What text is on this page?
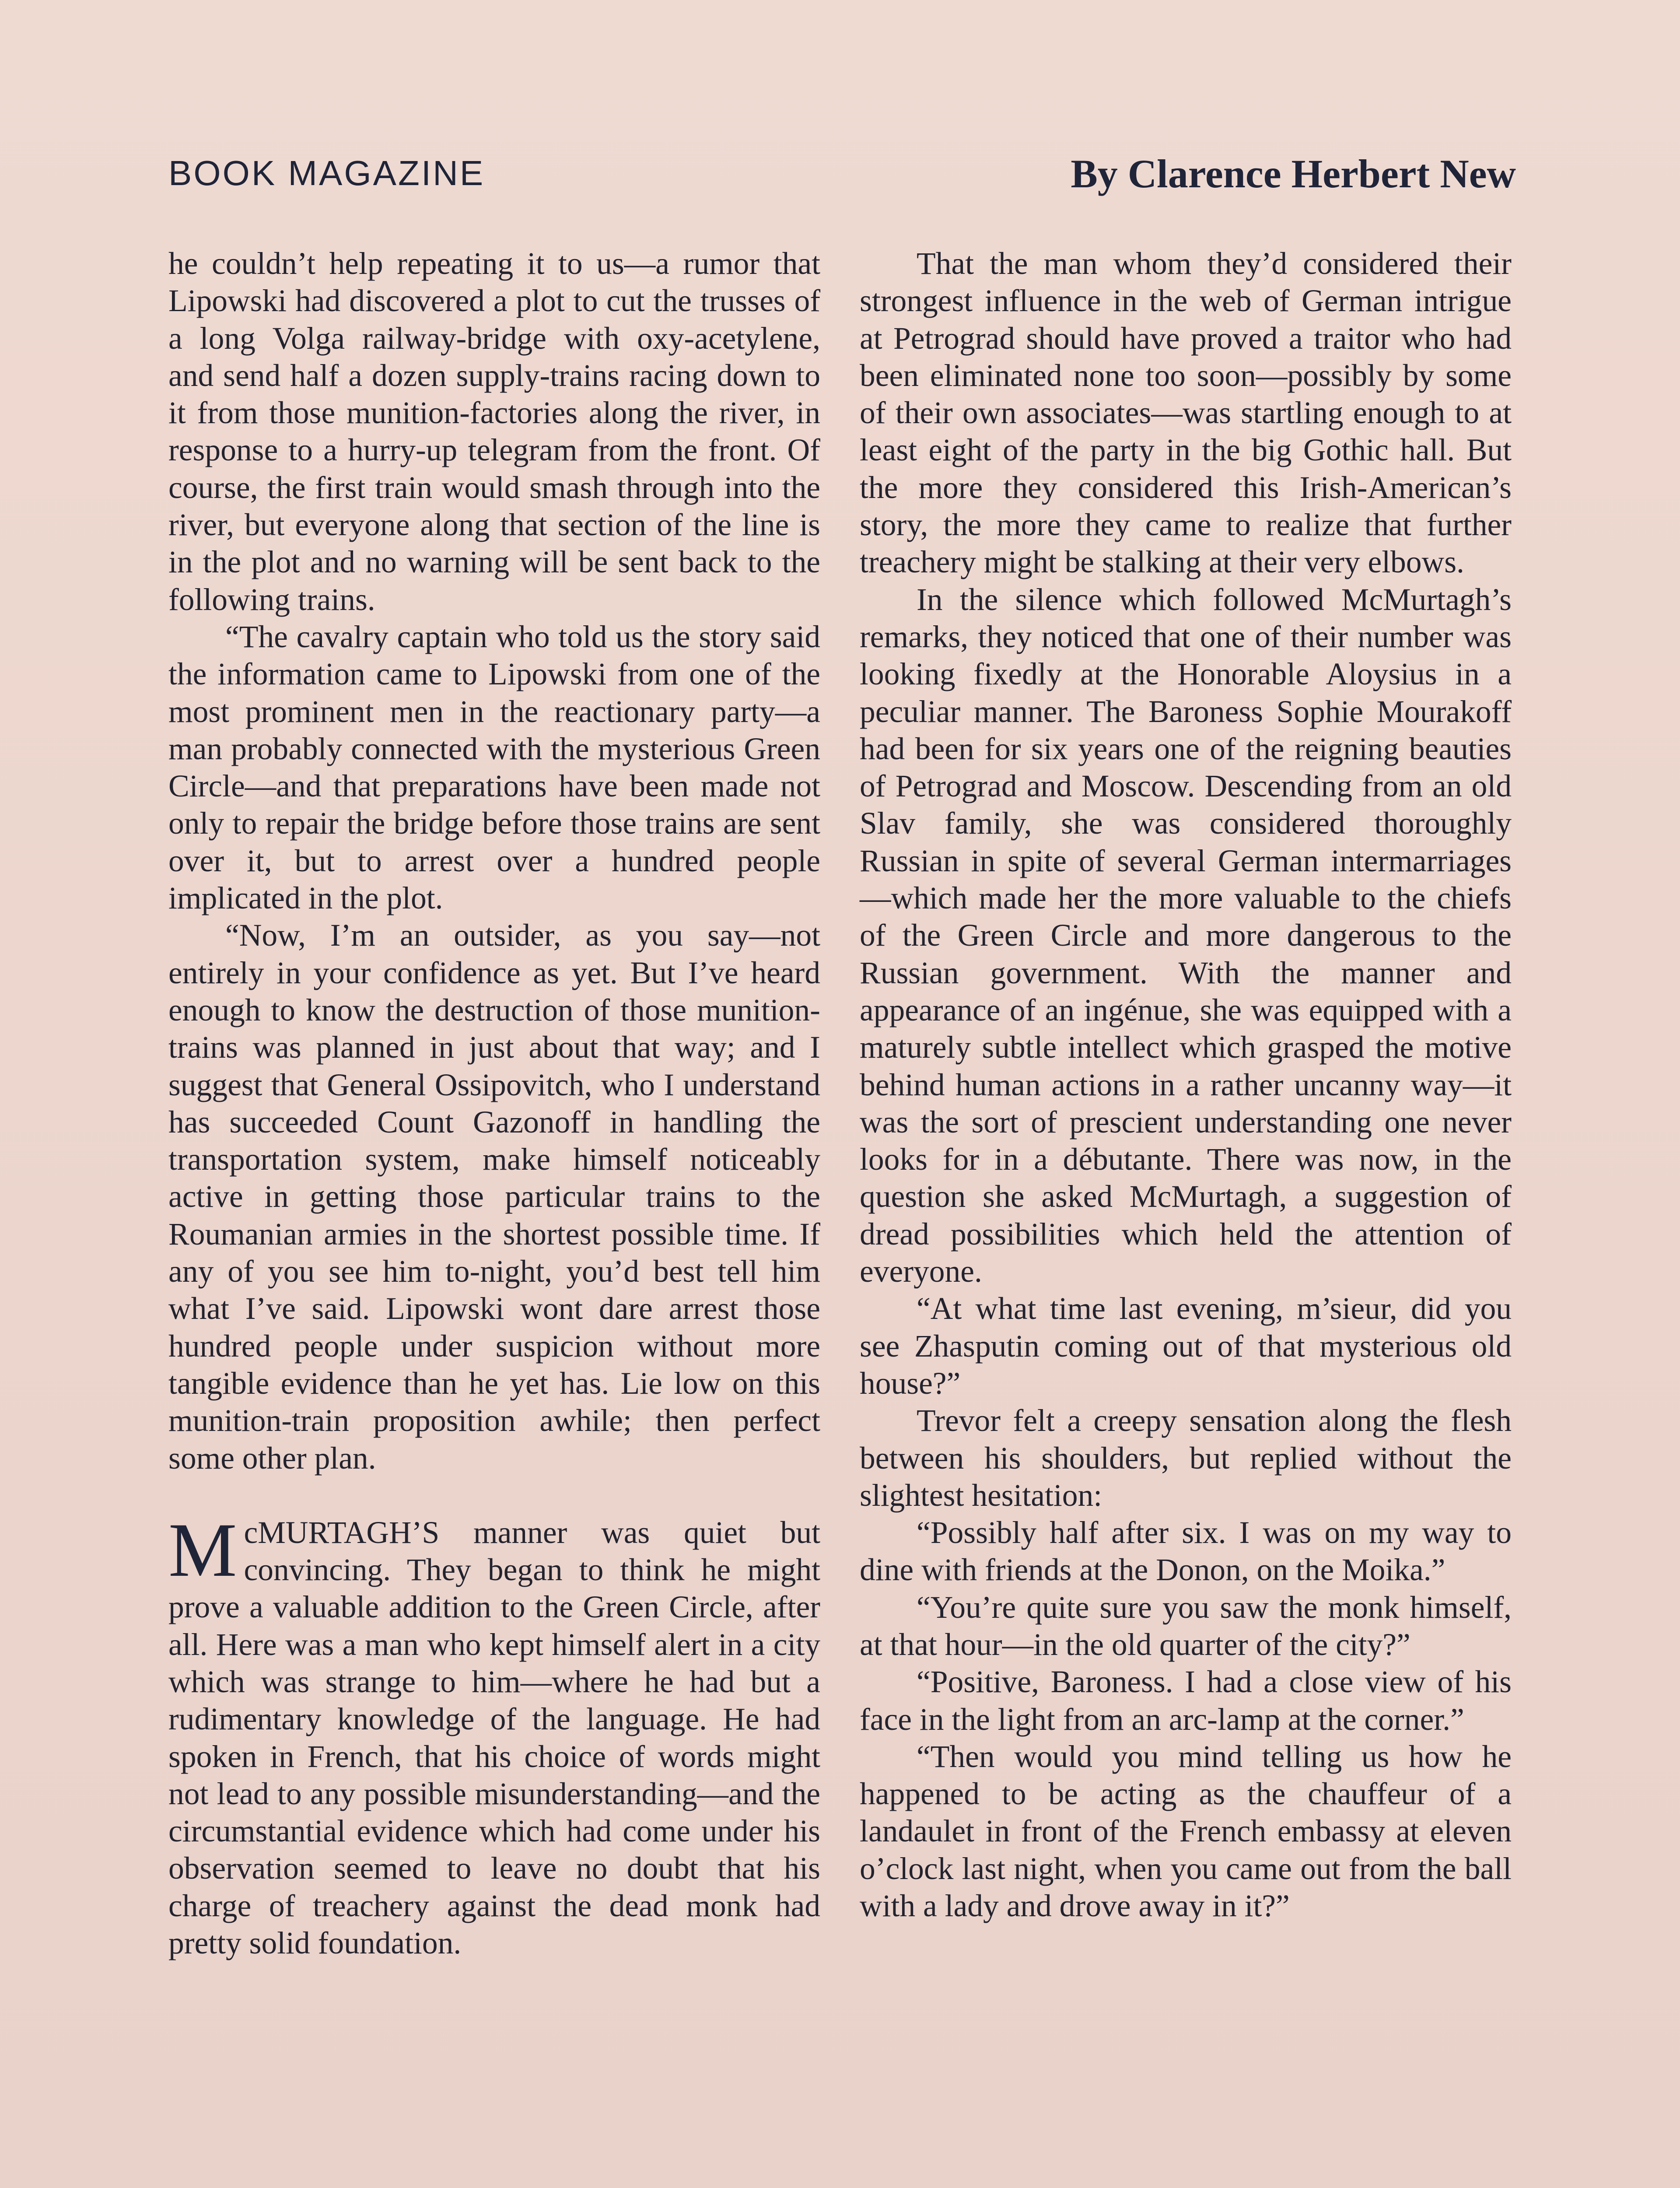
BOOK MAGAZINE	By Clarence Herbert New

he couldn’t help repeating it to us—a rumor that Lipowski had discovered a plot to cut the trusses of a long Volga railway-bridge with oxy-acetylene, and send half a dozen supply-trains racing down to it from those munition-factories along the river, in response to a hurry-up telegram from the front. Of course, the first train would smash through into the river, but everyone along that section of the line is in the plot and no warning will be sent back to the following trains.

“The cavalry captain who told us the story said the information came to Lipowski from one of the most prominent men in the reactionary party—a man probably connected with the mysterious Green Circle—and that preparations have been made not only to repair the bridge before those trains are sent over it, but to arrest over a hundred people implicated in the plot.

“Now, I’m an outsider, as you say—not entirely in your confidence as yet. But I’ve heard enough to know the destruction of those munition-trains was planned in just about that way; and I suggest that General Ossipovitch, who I understand has succeeded Count Gazonoff in handling the transportation system, make himself noticeably active in getting those particular trains to the Roumanian armies in the shortest possible time. If any of you see him to-night, you’d best tell him what I’ve said. Lipowski wont dare arrest those hundred people under suspicion without more tangible evidence than he yet has. Lie low on this munition-train proposition awhile; then perfect some other plan.

McMURTAGH’S manner was quiet but convincing. They began to think he might prove a valuable addition to the Green Circle, after all. Here was a man who kept himself alert in a city which was strange to him—where he had but a rudimentary knowledge of the language. He had spoken in French, that his choice of words might not lead to any possible misunderstanding—and the circumstantial evidence which had come under his observation seemed to leave no doubt that his charge of treachery against the dead monk had pretty solid foundation.

That the man whom they’d considered their strongest influence in the web of German intrigue at Petrograd should have proved a traitor who had been eliminated none too soon—possibly by some of their own associates—was startling enough to at least eight of the party in the big Gothic hall. But the more they considered this Irish-American’s story, the more they came to realize that further treachery might be stalking at their very elbows.

In the silence which followed McMurtagh’s remarks, they noticed that one of their number was looking fixedly at the Honorable Aloysius in a peculiar manner. The Baroness Sophie Mourakoff had been for six years one of the reigning beauties of Petrograd and Moscow. Descending from an old Slav family, she was considered thoroughly Russian in spite of several German intermarriages—which made her the more valuable to the chiefs of the Green Circle and more dangerous to the Russian government. With the manner and appearance of an ingénue, she was equipped with a maturely subtle intellect which grasped the motive behind human actions in a rather uncanny way—it was the sort of prescient understanding one never looks for in a débutante. There was now, in the question she asked McMurtagh, a suggestion of dread possibilities which held the attention of everyone.

“At what time last evening, m’sieur, did you see Zhasputin coming out of that mysterious old house?”

Trevor felt a creepy sensation along the flesh between his shoulders, but replied without the slightest hesitation:

“Possibly half after six. I was on my way to dine with friends at the Donon, on the Moika.”

“You’re quite sure you saw the monk himself, at that hour—in the old quarter of the city?”

“Positive, Baroness. I had a close view of his face in the light from an arc-lamp at the corner.”

“Then would you mind telling us how he happened to be acting as the chauffeur of a landaulet in front of the French embassy at eleven o’clock last night, when you came out from the ball with a lady and drove away in it?”
